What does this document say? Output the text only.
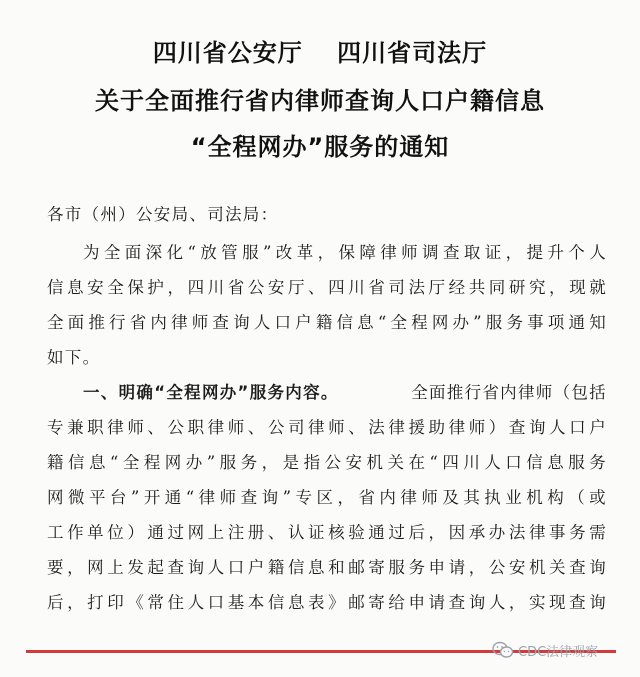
四川省公安厅　 四川省司法厅
关于全面推行省内律师查询人口户籍信息
“全程网办”服务的通知
各市（州）公安局、司法局：
为全面深化“放管服”改革，保障律师调查取证，提升个人
信息安全保护，四川省公安厅、四川省司法厅经共同研究，现就
全面推行省内律师查询人口户籍信息“全程网办”服务事项通知
如下。
一、明确“全程网办”服务内容。	全面推行省内律师（包括
专兼职律师、公职律师、公司律师、法律援助律师）查询人口户
籍信息“全程网办”服务，是指公安机关在“四川人口信息服务
网微平台”开通“律师查询”专区，省内律师及其执业机构（或
工作单位）通过网上注册、认证核验通过后，因承办法律事务需
要，网上发起查询人口户籍信息和邮寄服务申请，公安机关查询
后，打印《常住人口基本信息表》邮寄给申请查询人，实现查询
CDC法律观察
